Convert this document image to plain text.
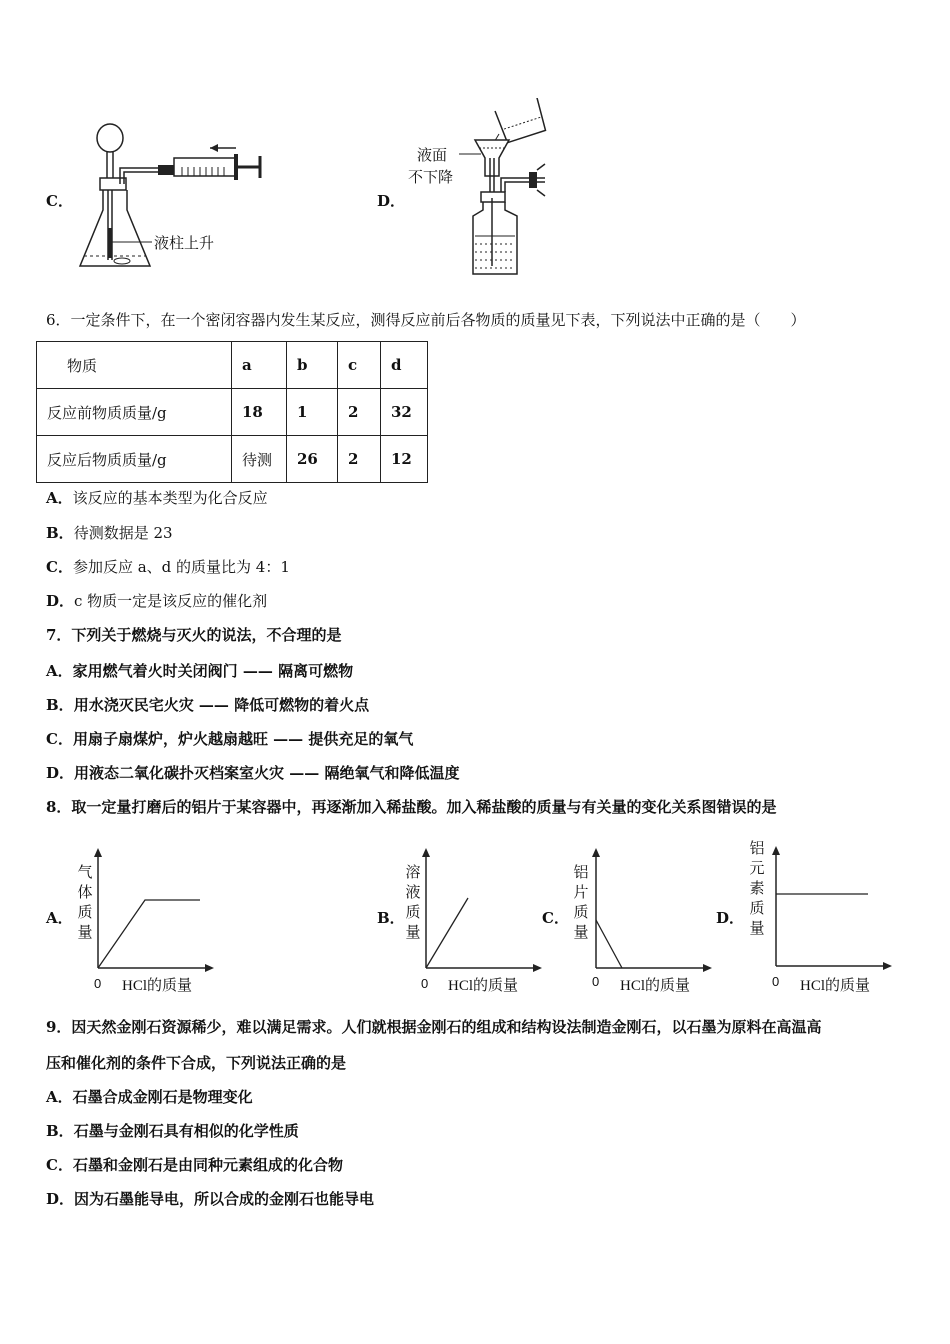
C．
液柱上升
D．
液面
不下降
6．一定条件下，在一个密闭容器内发生某反应，测得反应前后各物质的质量见下表，下列说法中正确的是（　　）
物质	a	b	c	d
反应前物质质量/g	18	1	2	32
反应后物质质量/g	待测	26	2	12
A．该反应的基本类型为化合反应
B．待测数据是 23
C．参加反应 a、d 的质量比为 4：1
D．c 物质一定是该反应的催化剂
7．下列关于燃烧与灭火的说法，不合理的是
A．家用燃气着火时关闭阀门 —— 隔离可燃物
B．用水浇灭民宅火灾 —— 降低可燃物的着火点
C．用扇子扇煤炉，炉火越扇越旺 —— 提供充足的氧气
D．用液态二氧化碳扑灭档案室火灾 —— 隔绝氧气和降低温度
8．取一定量打磨后的铝片于某容器中，再逐渐加入稀盐酸。加入稀盐酸的质量与有关量的变化关系图错误的是
A．
气体质量
0 HCl的质量
B．
溶液质量
0 HCl的质量
C．
铝片质量
0 HCl的质量
D．
铝元素质量
0 HCl的质量
9．因天然金刚石资源稀少，难以满足需求。人们就根据金刚石的组成和结构设法制造金刚石，以石墨为原料在高温高
压和催化剂的条件下合成，下列说法正确的是
A．石墨合成金刚石是物理变化
B．石墨与金刚石具有相似的化学性质
C．石墨和金刚石是由同种元素组成的化合物
D．因为石墨能导电，所以合成的金刚石也能导电
